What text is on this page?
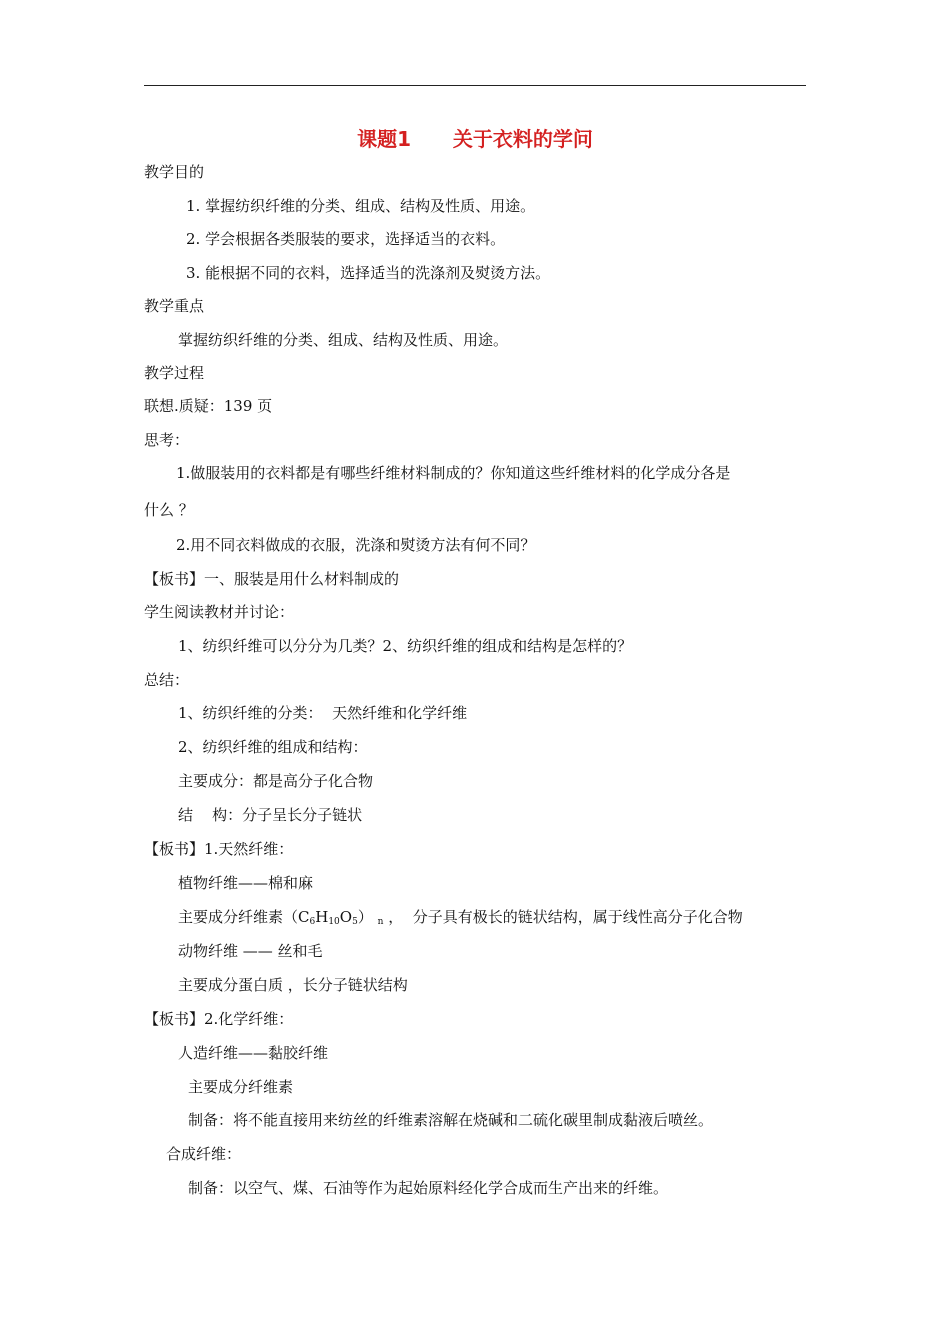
课题1      关于衣料的学问
教学目的
1. 掌握纺织纤维的分类、组成、结构及性质、用途。
2. 学会根据各类服装的要求，选择适当的衣料。
3. 能根据不同的衣料，选择适当的洗涤剂及熨烫方法。
教学重点
掌握纺织纤维的分类、组成、结构及性质、用途。
教学过程
联想.质疑：139 页
思考：
1.做服装用的衣料都是有哪些纤维材料制成的？你知道这些纤维材料的化学成分各是
什么 ？
2.用不同衣料做成的衣服，洗涤和熨烫方法有何不同？
【板书】一、服装是用什么材料制成的
学生阅读教材并讨论：
1、纺织纤维可以分分为几类？2、纺织纤维的组成和结构是怎样的？
总结：
1、纺织纤维的分类：  天然纤维和化学纤维
2、纺织纤维的组成和结构：
主要成分：都是高分子化合物
结    构：分子呈长分子链状
【板书】1.天然纤维：
植物纤维——棉和麻
主要成分纤维素$(C_6H_{10}O_5)$ $_n$ ，  分子具有极长的链状结构，属于线性高分子化合物
动物纤维 —— 丝和毛
主要成分蛋白质 ，长分子链状结构
【板书】2.化学纤维：
人造纤维——黏胶纤维
主要成分纤维素
制备：将不能直接用来纺丝的纤维素溶解在烧碱和二硫化碳里制成黏液后喷丝。
合成纤维：
制备：以空气、煤、石油等作为起始原料经化学合成而生产出来的纤维。
